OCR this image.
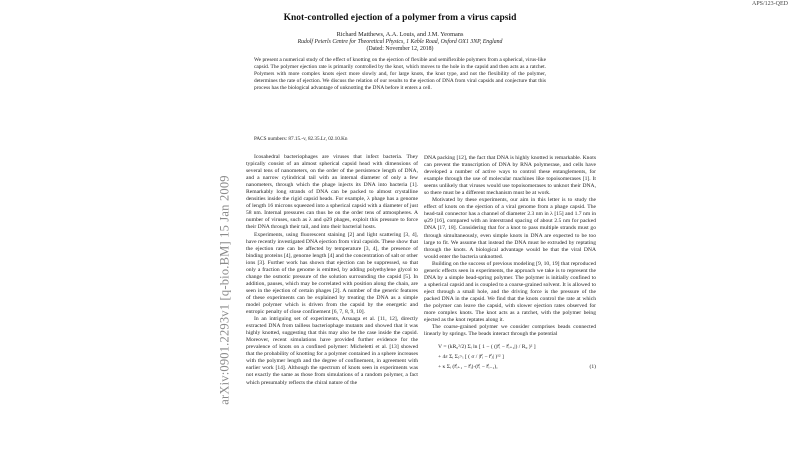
APS/123-QED
Knot-controlled ejection of a polymer from a virus capsid
Richard Matthews, A.A. Louis, and J.M. Yeomans
Rudolf Peierls Centre for Theoretical Physics, 1 Keble Road, Oxford OX1 3NP, England
(Dated: November 12, 2018)
We present a numerical study of the effect of knotting on the ejection of flexible and semiflexible polymers from a spherical, virus-like capsid. The polymer ejection rate is primarily controlled by the knot, which moves to the hole in the capsid and then acts as a ratchet. Polymers with more complex knots eject more slowly and, for large knots, the knot type, and not the flexibility of the polymer, determines the rate of ejection. We discuss the relation of our results to the ejection of DNA from viral capsids and conjecture that this process has the biological advantage of unknotting the DNA before it enters a cell.
PACS numbers: 87.15.-v, 82.35.Lr, 02.10.Kn
arXiv:0901.2293v1 [q-bio.BM] 15 Jan 2009

Icosahedral bacteriophages are viruses that infect bacteria. They typically consist of an almost spherical capsid head with dimensions of several tens of nanometers, on the order of the persistence length of DNA, and a narrow cylindrical tail with an internal diameter of only a few nanometers, through which the phage injects its DNA into bacteria [1]. Remarkably long strands of DNA can be packed to almost crystalline densities inside the rigid capsid heads. For example, λ phage has a genome of length 16 microns squeezed into a spherical capsid with a diameter of just 58 nm. Internal pressures can thus be on the order tens of atmospheres. A number of viruses, such as λ and φ29 phages, exploit this pressure to force their DNA through their tail, and into their bacterial hosts.

Experiments, using fluorescent staining [2] and light scattering [3, 4], have recently investigated DNA ejection from viral capsids. These show that the ejection rate can be affected by temperature [3, 4], the presence of binding proteins [4], genome length [4] and the concentration of salt or other ions [3]. Further work has shown that ejection can be suppressed, so that only a fraction of the genome is emitted, by adding polyethylene glycol to change the osmotic pressure of the solution surrounding the capsid [5]. In addition, pauses, which may be correlated with position along the chain, are seen in the ejection of certain phages [2]. A number of the generic features of these experiments can be explained by treating the DNA as a simple model polymer which is driven from the capsid by the energetic and entropic penalty of close confinement [6, 7, 8, 9, 10].

In an intriguing set of experiments, Arsuaga et al. [11, 12], directly extracted DNA from tailless bacteriophage mutants and showed that it was highly knotted, suggesting that this may also be the case inside the capsid. Moreover, recent simulations have provided further evidence for the prevalence of knots on a confined polymer: Micheletti et al. [13] showed that the probability of knotting for a polymer contained in a sphere increases with the polymer length and the degree of confinement, in agreement with earlier work [14]. Although the spectrum of knots seen in experiments was not exactly the same as those from simulations of a random polymer, a fact which presumably reflects the chiral nature of the

DNA packing [12], the fact that DNA is highly knotted is remarkable. Knots can prevent the transcription of DNA by RNA polymerase, and cells have developed a number of active ways to control these entanglements, for example through the use of molecular machines like topoisomerases [1]. It seems unlikely that viruses would use topoisomerases to unknot their DNA, so there must be a different mechanism must be at work.

Motivated by these experiments, our aim in this letter is to study the effect of knots on the ejection of a viral genome from a phage capsid. The head-tail connector has a channel of diameter 2.3 nm in λ [15] and 1.7 nm in φ29 [16], compared with an interstrand spacing of about 2.5 nm for packed DNA [17, 18]. Considering that for a knot to pass multiple strands must go through simultaneously, even simple knots in DNA are expected to be too large to fit. We assume that instead the DNA must be extruded by reptating through the knots. A biological advantage would be that the viral DNA would enter the bacteria unknotted.

Building on the success of previous modeling [9, 10, 19] that reproduced generic effects seen in experiments, the approach we take is to represent the DNA by a simple bead-spring polymer. The polymer is initially confined to a spherical capsid and is coupled to a coarse-grained solvent. It is allowed to eject through a small hole, and the driving force is the pressure of the packed DNA in the capsid. We find that the knots control the rate at which the polymer can leave the capsid, with slower ejection rates observed for more complex knots. The knot acts as a ratchet, with the polymer being ejected as the knot reptates along it.

The coarse-grained polymer we consider comprises beads connected linearly by springs. The beads interact through the potential

V = (kR₀²/2) Σᵢ ln [ 1 − ( (|r⃗ᵢ − r⃗ᵢ₊₁|) / R₀ )² ]
+ 4ε Σᵢ Σⱼ>ᵢ [ ( σ / |r⃗ᵢ − r⃗ⱼ| )¹² ]
+ κ Σᵢ (r⃗ᵢ₊₁ − r⃗ᵢ)·(r⃗ᵢ − r⃗ᵢ₋₁),	(1)
